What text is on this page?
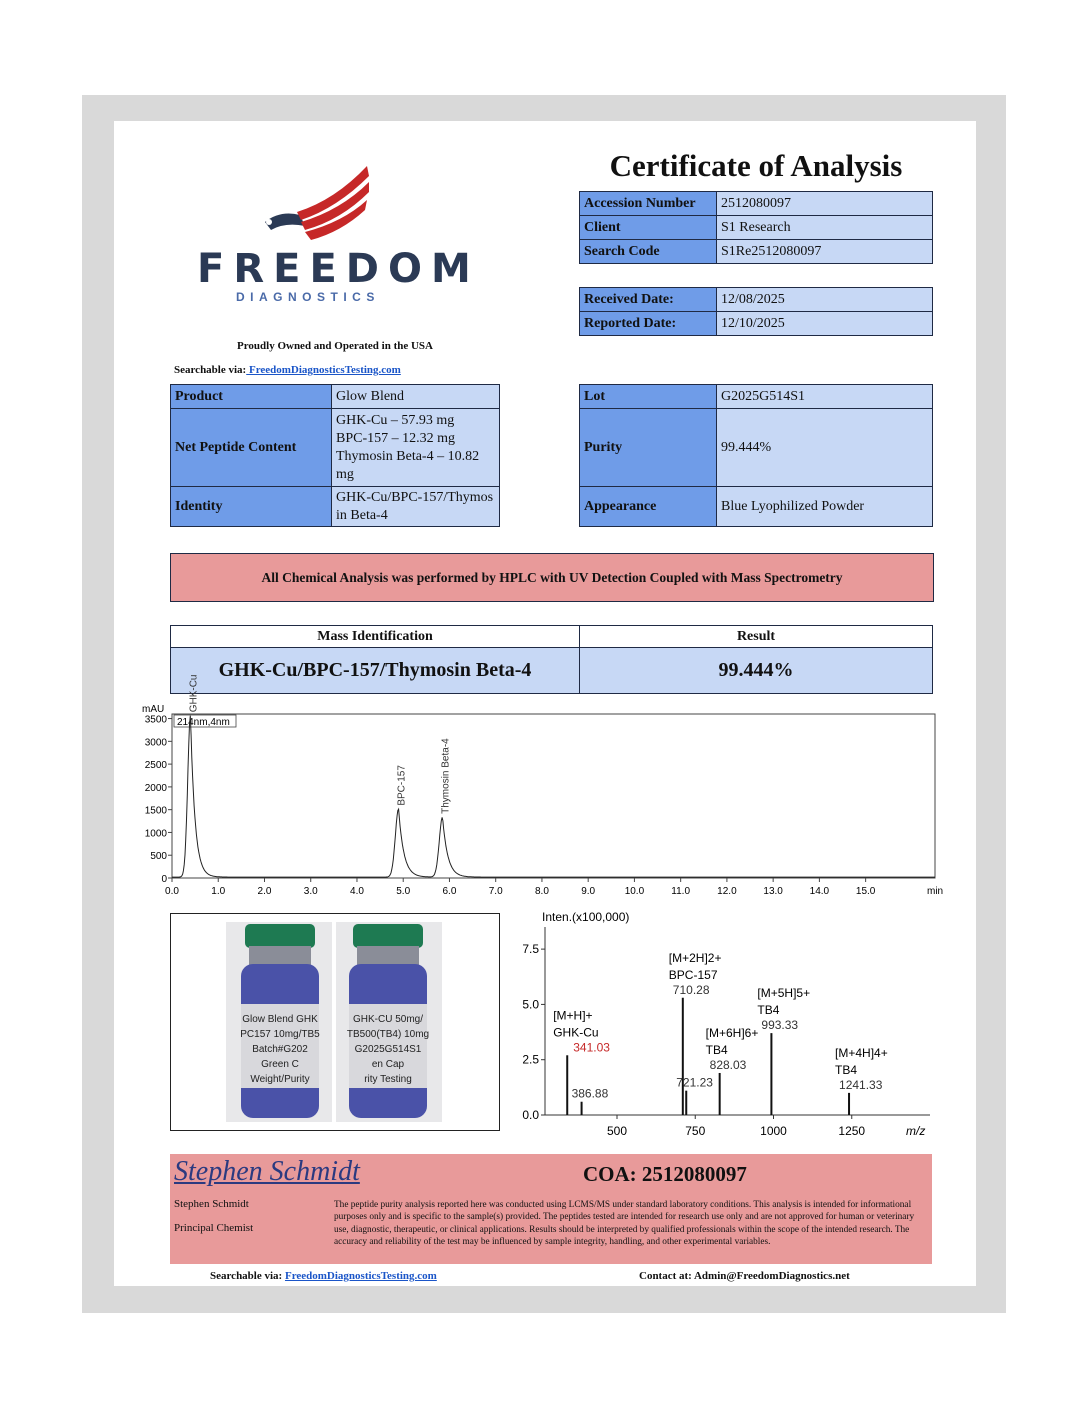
FREEDOM
DIAGNOSTICS
Certificate of Analysis
Accession Number	2512080097
Client	S1 Research
Search Code	S1Re2512080097
Received Date:	12/08/2025
Reported Date:	12/10/2025
Proudly Owned and Operated in the USA
Searchable via: FreedomDiagnosticsTesting.com
Product	Glow Blend
Net Peptide Content	GHK-Cu – 57.93 mg
BPC-157 – 12.32 mg
Thymosin Beta-4 – 10.82 mg

Identity	GHK-Cu/BPC-157/Thymosin Beta-4
Lot	G2025G514S1
Purity	99.444%
Appearance	Blue Lyophilized Powder
All Chemical Analysis was performed by HPLC with UV Detection Coupled with Mass Spectrometry
Mass Identification	Result
GHK-Cu/BPC-157/Thymosin Beta-4	99.444%
mAU
214nm,4nm
0
500
1000
1500
2000
2500
3000
3500
0.0	1.0	2.0	3.0	4.0	5.0	6.0	7.0	8.0	9.0	10.0	11.0	12.0	13.0	14.0	15.0	min
GHK-Cu
BPC-157	Thymosin Beta-4
Glow Blend GHK
PC157 10mg/TB5
Batch#G202
Green C
Weight/Purity
GHK-CU 50mg/
TB500(TB4) 10mg
G2025G514S1
en Cap
rity Testing
Inten.(x100,000)
0.0
2.5
5.0
7.5
500	750	1000	1250	m/z
341.03
[M+H]+
GHK-Cu
386.88
710.28
[M+2H]2+
BPC-157
721.23
828.03
[M+6H]6+
TB4
993.33
[M+5H]5+
TB4
1241.33
[M+4H]4+
TB4
Stephen Schmidt	COA: 2512080097
Stephen Schmidt
Principal Chemist
The peptide purity analysis reported here was conducted using LCMS/MS under standard laboratory conditions. This analysis is intended for informational purposes only and is specific to the sample(s) provided. The peptides tested are intended for research use only and are not approved for human or veterinary use, diagnostic, therapeutic, or clinical applications. Results should be interpreted by qualified professionals within the scope of the intended research. The accuracy and reliability of the test may be influenced by sample integrity, handling, and other experimental variables.
Searchable via: FreedomDiagnosticsTesting.com	Contact at: Admin@FreedomDiagnostics.net
